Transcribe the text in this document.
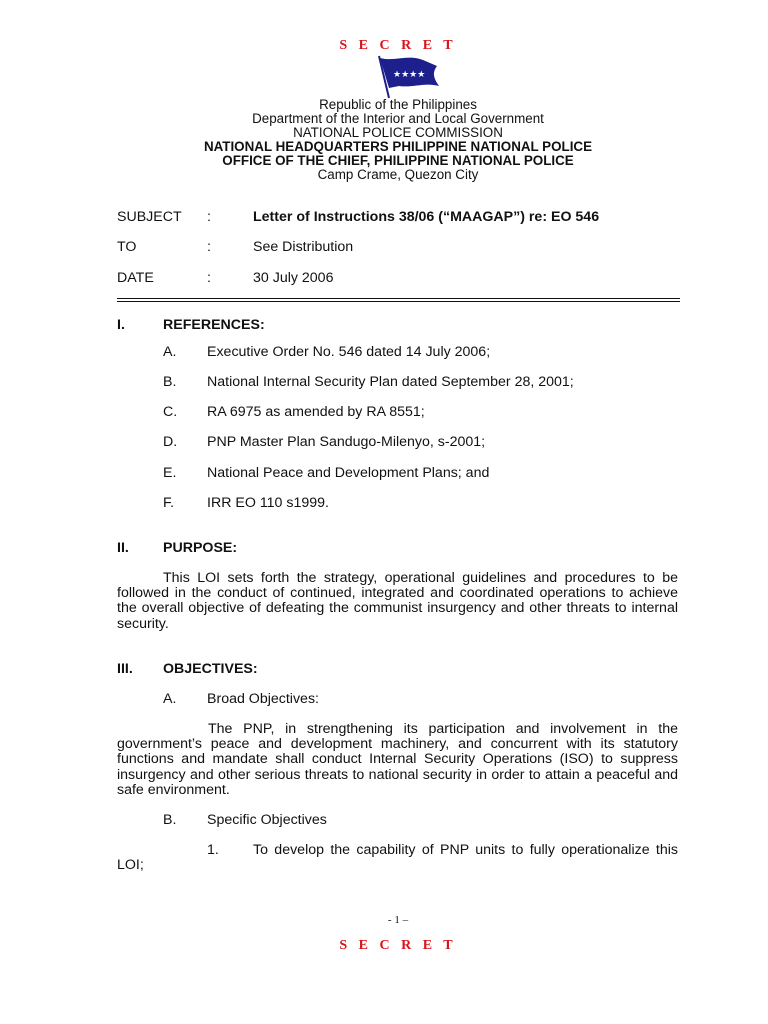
S E C R E T
★★★★
Republic of the Philippines
Department of the Interior and Local Government
NATIONAL POLICE COMMISSION
NATIONAL HEADQUARTERS PHILIPPINE NATIONAL POLICE
OFFICE OF THE CHIEF, PHILIPPINE NATIONAL POLICE
Camp Crame, Quezon City
SUBJECT :	Letter of Instructions 38/06 (“MAAGAP”) re: EO 546
TO	:	See Distribution
DATE	:	30 July 2006
I.	REFERENCES:
A. Executive Order No. 546 dated 14 July 2006;
B. National Internal Security Plan dated September 28, 2001;
C. RA 6975 as amended by RA 8551;
D. PNP Master Plan Sandugo-Milenyo, s-2001;
E. National Peace and Development Plans; and
F. IRR EO 110 s1999.
II. PURPOSE:
This LOI sets forth the strategy, operational guidelines and procedures to be followed in the conduct of continued, integrated and coordinated operations to achieve the overall objective of defeating the communist insurgency and other threats to internal security.
III. OBJECTIVES:
A. Broad Objectives:
The PNP, in strengthening its participation and involvement in the government’s peace and development machinery, and concurrent with its statutory functions and mandate shall conduct Internal Security Operations (ISO) to suppress insurgency and other serious threats to national security in order to attain a peaceful and safe environment.
B. Specific Objectives
1.	To develop the capability of PNP units to fully operationalize this LOI;
- 1 –
S E C R E T
